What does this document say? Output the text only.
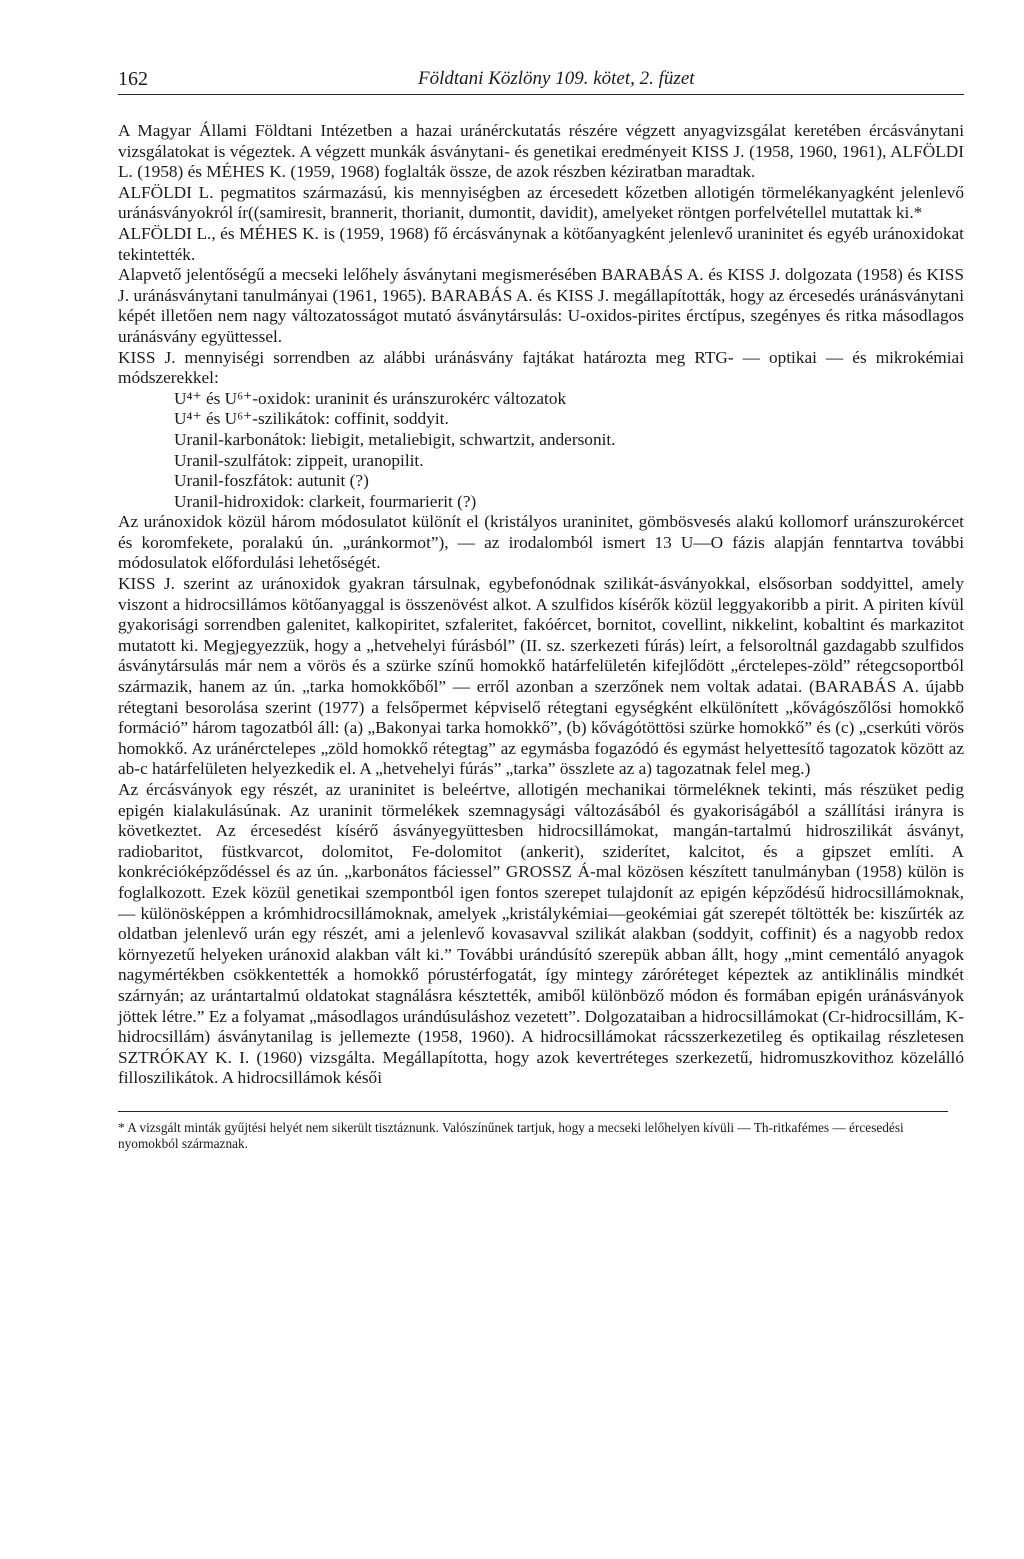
162	Földtani Közlöny 109. kötet, 2. füzet

A Magyar Állami Földtani Intézetben a hazai uránérckutatás részére végzett anyagvizsgálat keretében ércásványtani vizsgálatokat is végeztek. A végzett munkák ásványtani- és genetikai eredményeit KISS J. (1958, 1960, 1961), ALFÖLDI L. (1958) és MÉHES K. (1959, 1968) foglalták össze, de azok részben kéziratban maradtak.

ALFÖLDI L. pegmatitos származású, kis mennyiségben az ércesedett kőzetben allotigén törmelékanyagként jelenlevő uránásványokról ír((samiresit, brannerit, thorianit, dumontit, davidit), amelyeket röntgen porfelvétellel mutattak ki.*

ALFÖLDI L., és MÉHES K. is (1959, 1968) fő ércásványnak a kötőanyagként jelenlevő uraninitet és egyéb uránoxidokat tekintették.

Alapvető jelentőségű a mecseki lelőhely ásványtani megismerésében BARABÁS A. és KISS J. dolgozata (1958) és KISS J. uránásványtani tanulmányai (1961, 1965). BARABÁS A. és KISS J. megállapították, hogy az ércesedés uránásványtani képét illetően nem nagy változatosságot mutató ásványtársulás: U-oxidos-pirites érctípus, szegényes és ritka másodlagos uránásvány együttessel.

KISS J. mennyiségi sorrendben az alábbi uránásvány fajtákat határozta meg RTG- — optikai — és mikrokémiai módszerekkel:

U⁴⁺ és U⁶⁺-oxidok: uraninit és uránszurokérc változatok

U⁴⁺ és U⁶⁺-szilikátok: coffinit, soddyit.

Uranil-karbonátok: liebigit, metaliebigit, schwartzit, andersonit.

Uranil-szulfátok: zippeit, uranopilit.

Uranil-foszfátok: autunit (?)

Uranil-hidroxidok: clarkeit, fourmarierit (?)

Az uránoxidok közül három módosulatot különít el (kristályos uraninitet, gömbösvesés alakú kollomorf uránszurokércet és koromfekete, poralakú ún. „uránkormot”), — az irodalomból ismert 13 U—O fázis alapján fenntartva további módosulatok előfordulási lehetőségét.

KISS J. szerint az uránoxidok gyakran társulnak, egybefonódnak szilikát-ásványokkal, elsősorban soddyittel, amely viszont a hidrocsillámos kötőanyaggal is összenövést alkot. A szulfidos kísérők közül leggyakoribb a pirit. A piriten kívül gyakorisági sorrendben galenitet, kalkopiritet, szfaleritet, fakóércet, bornitot, covellint, nikkelint, kobaltint és markazitot mutatott ki. Megjegyezzük, hogy a „hetvehelyi fúrásból” (II. sz. szerkezeti fúrás) leírt, a felsoroltnál gazdagabb szulfidos ásványtársulás már nem a vörös és a szürke színű homokkő határfelületén kifejlődött „érctelepes-zöld” rétegcsoportból származik, hanem az ún. „tarka homokkőből” — erről azonban a szerzőnek nem voltak adatai. (BARABÁS A. újabb rétegtani besorolása szerint (1977) a felsőpermet képviselő rétegtani egységként elkülönített „kővágószőlősi homokkő formáció” három tagozatból áll: (a) „Bakonyai tarka homokkő”, (b) kővágótöttösi szürke homokkő” és (c) „cserkúti vörös homokkő. Az uránérctelepes „zöld homokkő rétegtag” az egymásba fogazódó és egymást helyettesítő tagozatok között az ab-c határfelületen helyezkedik el. A „hetvehelyi fúrás” „tarka” összlete az a) tagozatnak felel meg.)

Az ércásványok egy részét, az uraninitet is beleértve, allotigén mechanikai törmeléknek tekinti, más részüket pedig epigén kialakulásúnak. Az uraninit törmelékek szemnagysági változásából és gyakoriságából a szállítási irányra is következtet. Az ércesedést kísérő ásványegyüttesben hidrocsillámokat, mangán-tartalmú hidroszilikát ásványt, radiobaritot, füstkvarcot, dolomitot, Fe-dolomitot (ankerit), sziderítet, kalcitot, és a gipszet említi. A konkrécióképződéssel és az ún. „karbonátos fáciessel” GROSSZ Á-mal közösen készített tanulmányban (1958) külön is foglalkozott. Ezek közül genetikai szempontból igen fontos szerepet tulajdonít az epigén képződésű hidrocsillámoknak, — különösképpen a krómhidrocsillámoknak, amelyek „kristálykémiai—geokémiai gát szerepét töltötték be: kiszűrték az oldatban jelenlevő urán egy részét, ami a jelenlevő kovasavval szilikát alakban (soddyit, coffinit) és a nagyobb redox környezetű helyeken uránoxid alakban vált ki.” További urándúsító szerepük abban állt, hogy „mint cementáló anyagok nagymértékben csökkentették a homokkő pórustérfogatát, így mintegy záróréteget képeztek az antiklinális mindkét szárnyán; az urántartalmú oldatokat stagnálásra késztették, amiből különböző módon és formában epigén uránásványok jöttek létre.” Ez a folyamat „másodlagos urándúsuláshoz vezetett”. Dolgozataiban a hidrocsillámokat (Cr-hidrocsillám, K-hidrocsillám) ásványtanilag is jellemezte (1958, 1960). A hidrocsillámokat rácsszerkezetileg és optikailag részletesen SZTRÓKAY K. I. (1960) vizsgálta. Megállapította, hogy azok kevertréteges szerkezetű, hidromuszkovithoz közelálló filloszilikátok. A hidrocsillámok késői

* A vizsgált minták gyűjtési helyét nem sikerült tisztáznunk. Valószínűnek tartjuk, hogy a mecseki lelőhelyen kívüli — Th-ritkafémes — ércesedési nyomokból származnak.
